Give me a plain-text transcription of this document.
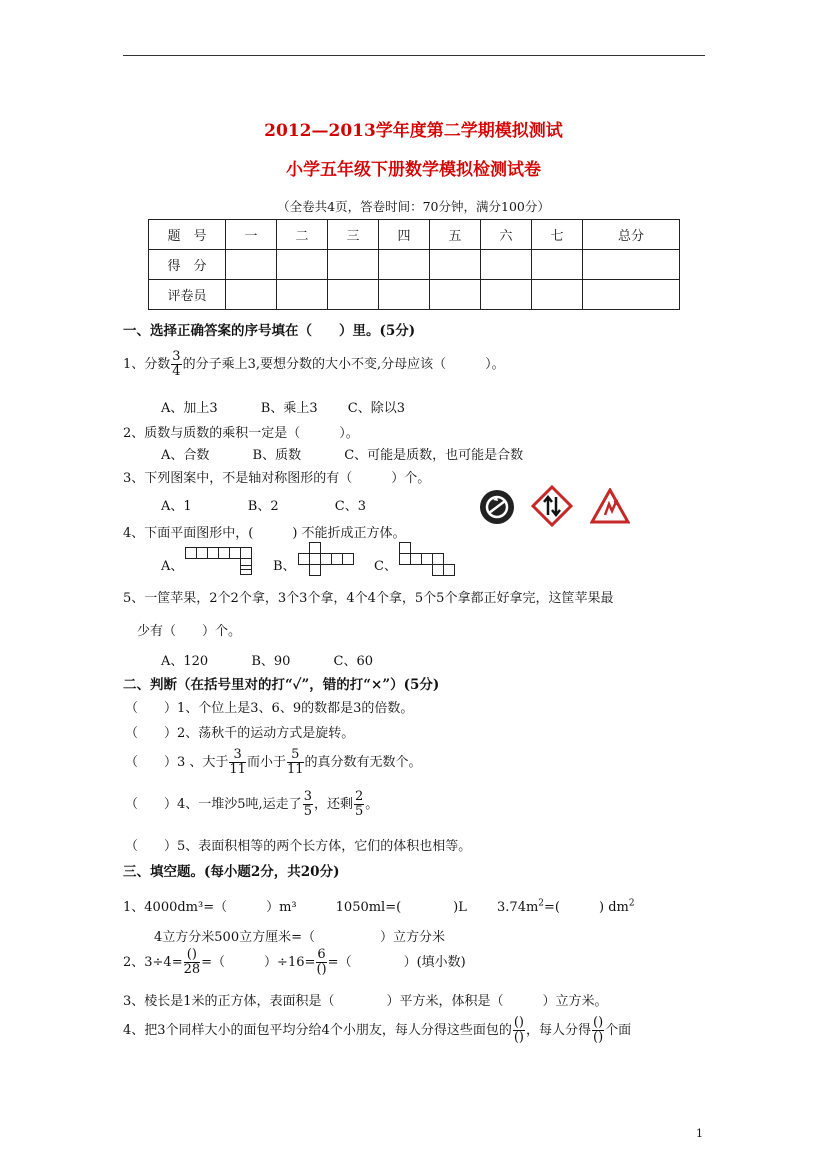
2012—2013学年度第二学期模拟测试
小学五年级下册数学模拟检测试卷
（全卷共4页，答卷时间：70分钟，满分100分）
题　号	一	二	三	四	五	六	七	总分
得　分								
评卷员								
一、选择正确答案的序号填在（　　）里。(5分)
1、分数 $\frac{3}{4}$ 的分子乘上3,要想分数的大小不变,分母应该（　　　）。
A、加上3　　　 B、乘上3　　 C、除以3
2、质数与质数的乘积一定是（　　　）。
A、合数　　　 B、质数　　　 C、可能是质数，也可能是合数
3、下列图案中，不是轴对称图形的有（　　　）个。
A、1　　　　 B、2　　　　 C、3
4、下面平面图形中，(　　　) 不能折成正方体。
A、	B、	C、
5、一筐苹果，2个2个拿，3个3个拿，4个4个拿，5个5个拿都正好拿完，这筐苹果最
少有（　　）个。
A、120　　　 B、90　　　 C、60
二、判断（在括号里对的打“✓”，错的打“×”）(5分)
（　　）1、个位上是3、6、9的数都是3的倍数。
（　　）2、荡秋千的运动方式是旋转。
（　　）3 、大于 $\frac{3}{11}$ 而小于 $\frac{5}{11}$ 的真分数有无数个。
（　　）4、一堆沙5吨,运走了 $\frac{3}{5}$ ，还剩 $\frac{2}{5}$ 。
（　　）5、表面积相等的两个长方体，它们的体积也相等。
三、填空题。(每小题2分，共20分)
1、4000dm³=（　　　）m³　　　1050ml=(　　　　)L　　 $3.74m^2=$(　　　) $dm^2$
4立方分米500立方厘米=（　　　　　）立方分米
2、$3\div 4= \frac{()}{28}$ =（　　　）$\div 16= \frac{6}{()}$ =（　　　　）(填小数)
3、棱长是1米的正方体，表面积是（　　　　）平方米，体积是（　　　）立方米。
4、把3个同样大小的面包平均分给4个小朋友，每人分得这些面包的 $\frac{()}{()}$ ，每人分得 $\frac{()}{()}$ 个面
1
